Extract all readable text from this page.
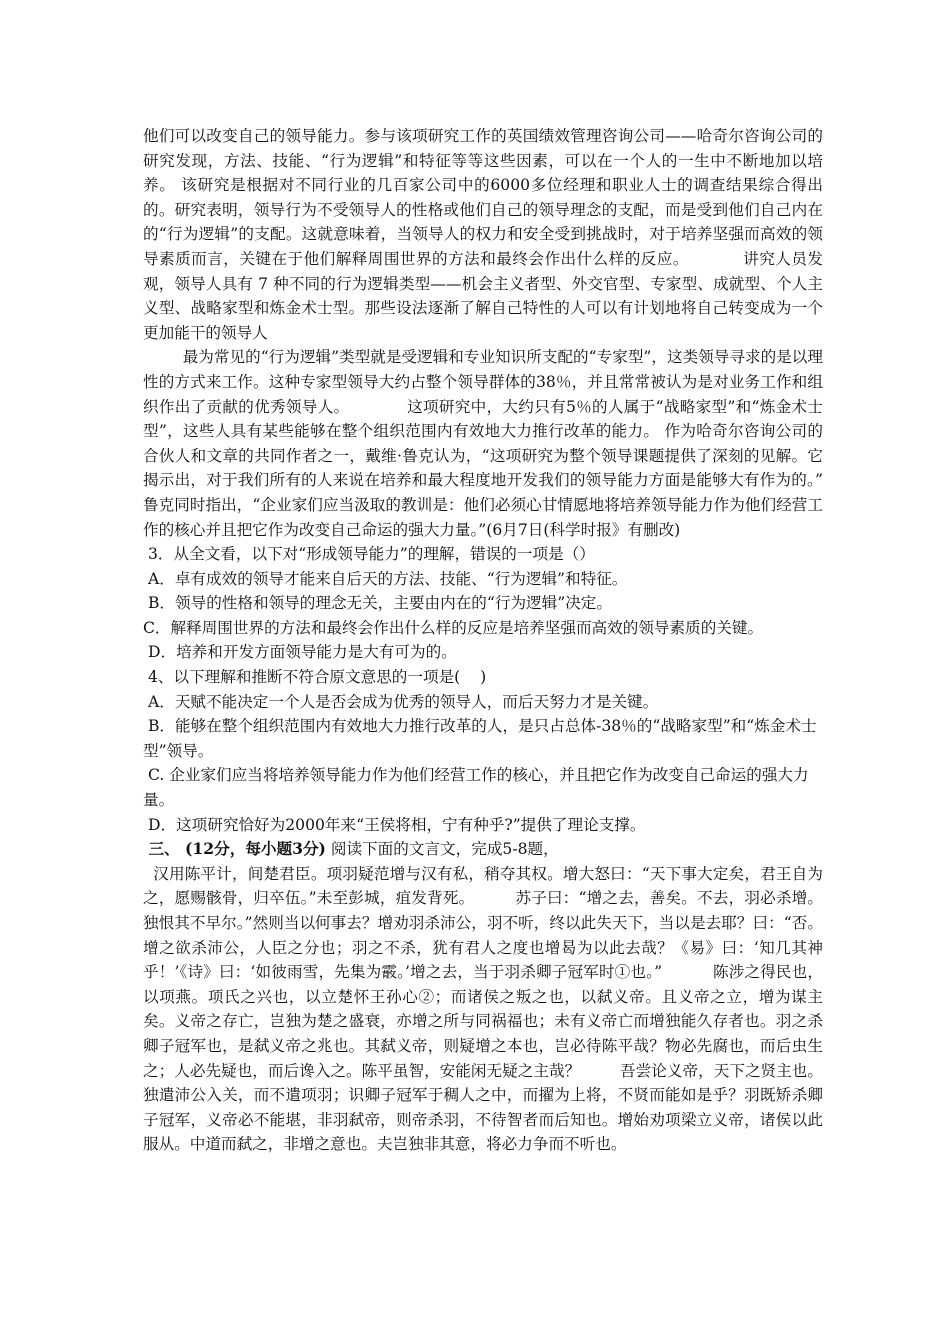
他们可以改变自己的领导能力。参与该项研究工作的英国绩效管理咨询公司——哈奇尔咨询公司的研究发现，方法、技能、“行为逻辑”和特征等等这些因素，可以在一个人的一生中不断地加以培养。 该研究是根据对不同行业的几百家公司中的6000多位经理和职业人士的调查结果综合得出的。研究表明，领导行为不受领导人的性格或他们自己的领导理念的支配，而是受到他们自己内在的“行为逻辑”的支配。这就意味着，当领导人的权力和安全受到挑战时，对于培养坚强而高效的领导素质而言，关键在于他们解释周围世界的方法和最终会作出什么样的反应。          讲究人员发观，领导人具有 7 种不同的行为逻辑类型——机会主义者型、外交官型、专家型、成就型、个人主义型、战略家型和炼金术士型。那些设法逐渐了解自己特性的人可以有计划地将自己转变成为一个更加能干的领导人

最为常见的“行为逻辑”类型就是受逻辑和专业知识所支配的“专家型”，这类领导寻求的是以理性的方式来工作。这种专家型领导大约占整个领导群体的38％，并且常常被认为是对业务工作和组织作出了贡献的优秀领导人。           这项研究中，大约只有5％的人属于“战略家型”和“炼金术士型”，这些人具有某些能够在整个组织范围内有效地大力推行改革的能力。 作为哈奇尔咨询公司的合伙人和文章的共同作者之一，戴维·鲁克认为，“这项研究为整个领导课题提供了深刻的见解。它揭示出，对于我们所有的人来说在培养和最大程度地开发我们的领导能力方面是能够大有作为的。” 鲁克同时指出，“企业家们应当汲取的教训是：他们必须心甘情愿地将培养领导能力作为他们经营工作的核心并且把它作为改变自己命运的强大力量。”(6月7日(科学时报》有删改)

3．从全文看，以下对“形成领导能力”的理解，错误的一项是（）

A．卓有成效的领导才能来自后天的方法、技能、“行为逻辑”和特征。

B．领导的性格和领导的理念无关，主要由内在的“行为逻辑”决定。

C．解释周围世界的方法和最终会作出什么样的反应是培养坚强而高效的领导素质的关键。

D．培养和开发方面领导能力是大有可为的。

4、以下理解和推断不符合原文意思的一项是(    )

A．天赋不能决定一个人是否会成为优秀的领导人，而后天努力才是关键。

B．能够在整个组织范围内有效地大力推行改革的人，是只占总体-38％的“战略家型”和“炼金术士型”领导。

C. 企业家们应当将培养领导能力作为他们经营工作的核心，并且把它作为改变自己命运的强大力量。

D．这项研究恰好为2000年来“王侯将相，宁有种乎?”提供了理论支撑。

三、 (12分，每小题3分) 阅读下面的文言文，完成5-8题，

汉用陈平计，间楚君臣。项羽疑范增与汉有私，稍夺其权。增大怒曰：“天下事大定矣，君王自为之，愿赐骸骨，归卒伍。”未至彭城，疽发背死。        苏子曰：“增之去，善矣。不去，羽必杀增。独恨其不早尔。”然则当以何事去？增劝羽杀沛公，羽不听，终以此失天下，当以是去耶？曰：“否。增之欲杀沛公，人臣之分也；羽之不杀，犹有君人之度也增曷为以此去哉？《易》曰：‘知几其神乎！’《诗》曰：‘如彼雨雪，先集为霰。’增之去，当于羽杀卿子冠军时①也。”          陈涉之得民也，以项燕。项氏之兴也，以立楚怀王孙心②；而诸侯之叛之也，以弑义帝。且义帝之立，增为谋主矣。义帝之存亡，岂独为楚之盛衰，亦增之所与同祸福也；未有义帝亡而增独能久存者也。羽之杀卿子冠军也，是弑义帝之兆也。其弑义帝，则疑增之本也，岂必待陈平哉？物必先腐也，而后虫生之；人必先疑也，而后谗入之。陈平虽智，安能闲无疑之主哉？        吾尝论义帝，天下之贤主也。独遣沛公入关，而不遣项羽；识卿子冠军于稠人之中，而擢为上将，不贤而能如是乎？羽既矫杀卿子冠军，义帝必不能堪，非羽弑帝，则帝杀羽，不待智者而后知也。增始劝项梁立义帝，诸侯以此服从。中道而弑之，非增之意也。夫岂独非其意，将必力争而不听也。
